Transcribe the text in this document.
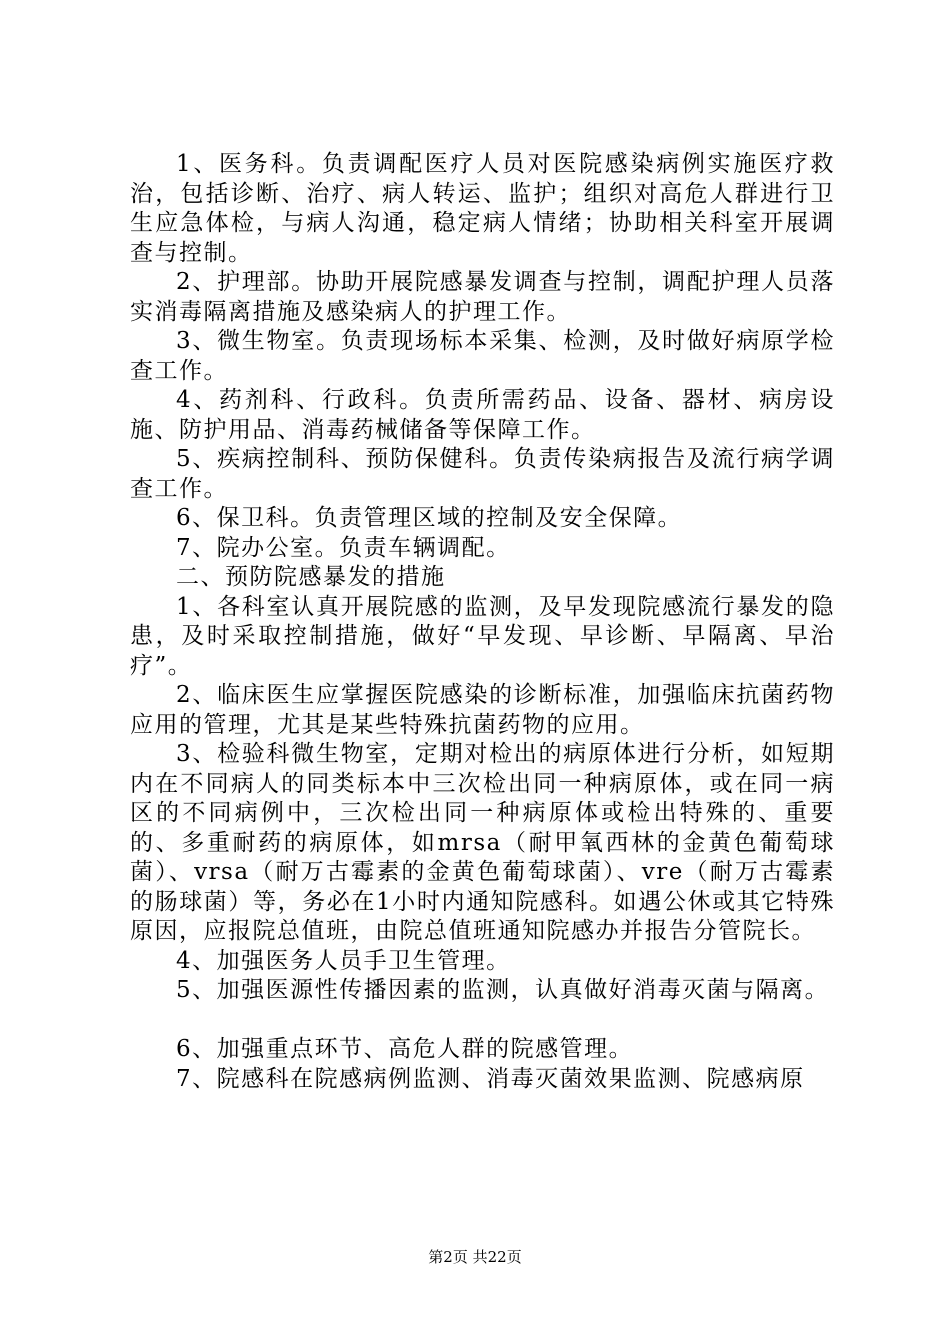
1、医务科。负责调配医疗人员对医院感染病例实施医疗救治，包括诊断、治疗、病人转运、监护；组织对高危人群进行卫生应急体检，与病人沟通，稳定病人情绪；协助相关科室开展调查与控制。

2、护理部。协助开展院感暴发调查与控制，调配护理人员落实消毒隔离措施及感染病人的护理工作。

3、微生物室。负责现场标本采集、检测，及时做好病原学检查工作。

4、药剂科、行政科。负责所需药品、设备、器材、病房设施、防护用品、消毒药械储备等保障工作。

5、疾病控制科、预防保健科。负责传染病报告及流行病学调查工作。

6、保卫科。负责管理区域的控制及安全保障。

7、院办公室。负责车辆调配。

二、预防院感暴发的措施

1、各科室认真开展院感的监测，及早发现院感流行暴发的隐患，及时采取控制措施，做好“早发现、早诊断、早隔离、早治疗”。

2、临床医生应掌握医院感染的诊断标准，加强临床抗菌药物应用的管理，尤其是某些特殊抗菌药物的应用。

3、检验科微生物室，定期对检出的病原体进行分析，如短期内在不同病人的同类标本中三次检出同一种病原体，或在同一病区的不同病例中，三次检出同一种病原体或检出特殊的、重要的、多重耐药的病原体，如mrsa（耐甲氧西林的金黄色葡萄球菌）、vrsa（耐万古霉素的金黄色葡萄球菌）、vre（耐万古霉素的肠球菌）等，务必在1小时内通知院感科。如遇公休或其它特殊原因，应报院总值班，由院总值班通知院感办并报告分管院长。

4、加强医务人员手卫生管理。

5、加强医源性传播因素的监测，认真做好消毒灭菌与隔离。

6、加强重点环节、高危人群的院感管理。

7、院感科在院感病例监测、消毒灭菌效果监测、院感病原

第2页 共22页
